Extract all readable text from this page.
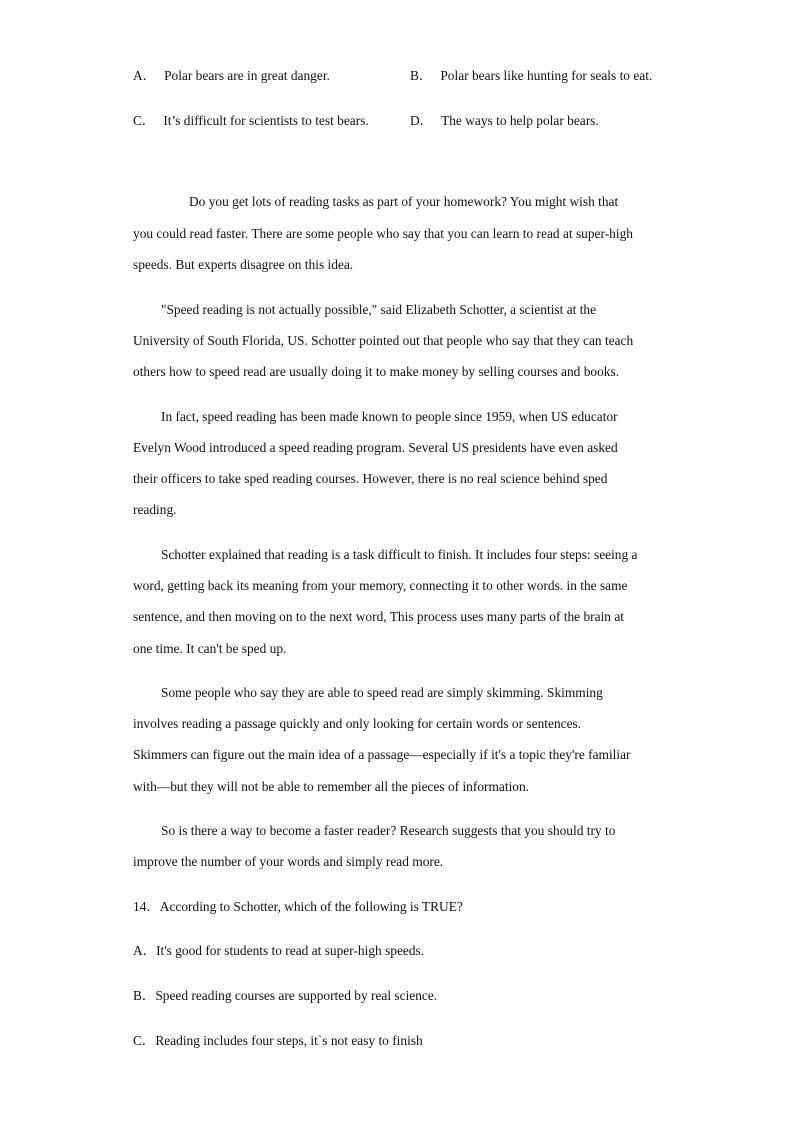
A． Polar bears are in great danger.	B． Polar bears like hunting for seals to eat.
C． It’s difficult for scientists to test bears.	D． The ways to help polar bears.
Do you get lots of reading tasks as part of your homework? You might wish that
you could read faster. There are some people who say that you can learn to read at super-high
speeds. But experts disagree on this idea.
"Speed reading is not actually possible," said Elizabeth Schotter, a scientist at the
University of South Florida, US. Schotter pointed out that people who say that they can teach
others how to speed read are usually doing it to make money by selling courses and books.
In fact, speed reading has been made known to people since 1959, when US educator
Evelyn Wood introduced a speed reading program. Several US presidents have even asked
their officers to take sped reading courses. However, there is no real science behind sped
reading.
Schotter explained that reading is a task difficult to finish. It includes four steps: seeing a
word, getting back its meaning from your memory, connecting it to other words. in the same
sentence, and then moving on to the next word, This process uses many parts of the brain at
one time. It can't be sped up.
Some people who say they are able to speed read are simply skimming. Skimming
involves reading a passage quickly and only looking for certain words or sentences.
Skimmers can figure out the main idea of a passage—especially if it's a topic they're familiar
with—but they will not be able to remember all the pieces of information.
So is there a way to become a faster reader? Research suggests that you should try to
improve the number of your words and simply read more.
14．According to Schotter, which of the following is TRUE?
A．It's good for students to read at super-high speeds.
B．Speed reading courses are supported by real science.
C．Reading includes four steps, it`s not easy to finish
